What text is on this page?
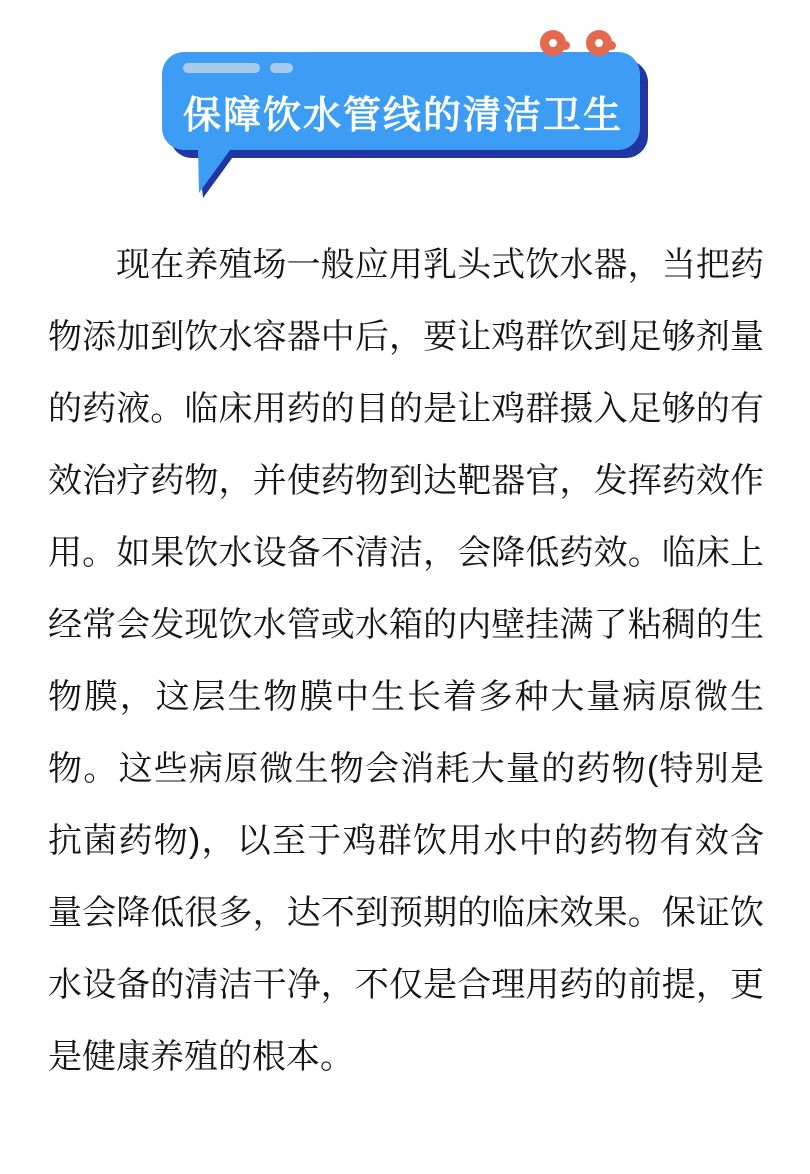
保障饮水管线的清洁卫生

现在养殖场一般应用乳头式饮水器，当把药物添加到饮水容器中后，要让鸡群饮到足够剂量的药液。临床用药的目的是让鸡群摄入足够的有效治疗药物，并使药物到达靶器官，发挥药效作用。如果饮水设备不清洁，会降低药效。临床上经常会发现饮水管或水箱的内壁挂满了粘稠的生物膜，这层生物膜中生长着多种大量病原微生物。这些病原微生物会消耗大量的药物(特别是抗菌药物)，以至于鸡群饮用水中的药物有效含量会降低很多，达不到预期的临床效果。保证饮水设备的清洁干净，不仅是合理用药的前提，更是健康养殖的根本。
